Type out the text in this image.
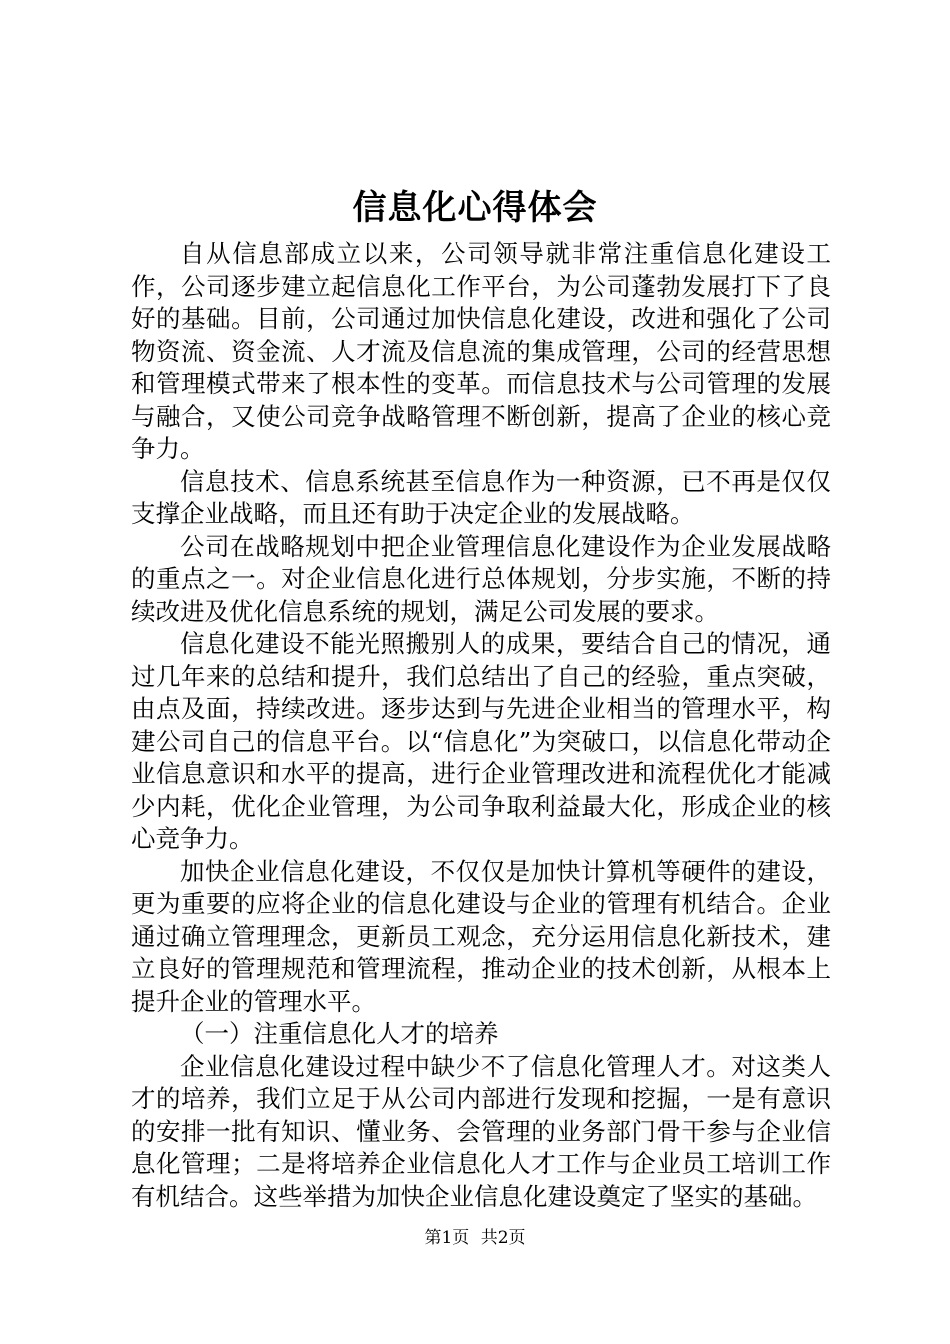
信息化心得体会

自从信息部成立以来，公司领导就非常注重信息化建设工作，公司逐步建立起信息化工作平台，为公司蓬勃发展打下了良好的基础。目前，公司通过加快信息化建设，改进和强化了公司物资流、资金流、人才流及信息流的集成管理，公司的经营思想和管理模式带来了根本性的变革。而信息技术与公司管理的发展与融合，又使公司竞争战略管理不断创新，提高了企业的核心竞争力。

信息技术、信息系统甚至信息作为一种资源，已不再是仅仅支撑企业战略，而且还有助于决定企业的发展战略。

公司在战略规划中把企业管理信息化建设作为企业发展战略的重点之一。对企业信息化进行总体规划，分步实施，不断的持续改进及优化信息系统的规划，满足公司发展的要求。

信息化建设不能光照搬别人的成果，要结合自己的情况，通过几年来的总结和提升，我们总结出了自己的经验，重点突破，由点及面，持续改进。逐步达到与先进企业相当的管理水平，构建公司自己的信息平台。以“信息化”为突破口，以信息化带动企业信息意识和水平的提高，进行企业管理改进和流程优化才能减少内耗，优化企业管理，为公司争取利益最大化，形成企业的核心竞争力。

加快企业信息化建设，不仅仅是加快计算机等硬件的建设，更为重要的应将企业的信息化建设与企业的管理有机结合。企业通过确立管理理念，更新员工观念，充分运用信息化新技术，建立良好的管理规范和管理流程，推动企业的技术创新，从根本上提升企业的管理水平。

（一）注重信息化人才的培养

企业信息化建设过程中缺少不了信息化管理人才。对这类人才的培养，我们立足于从公司内部进行发现和挖掘，一是有意识的安排一批有知识、懂业务、会管理的业务部门骨干参与企业信息化管理；二是将培养企业信息化人才工作与企业员工培训工作有机结合。这些举措为加快企业信息化建设奠定了坚实的基础。

第1页 共2页
